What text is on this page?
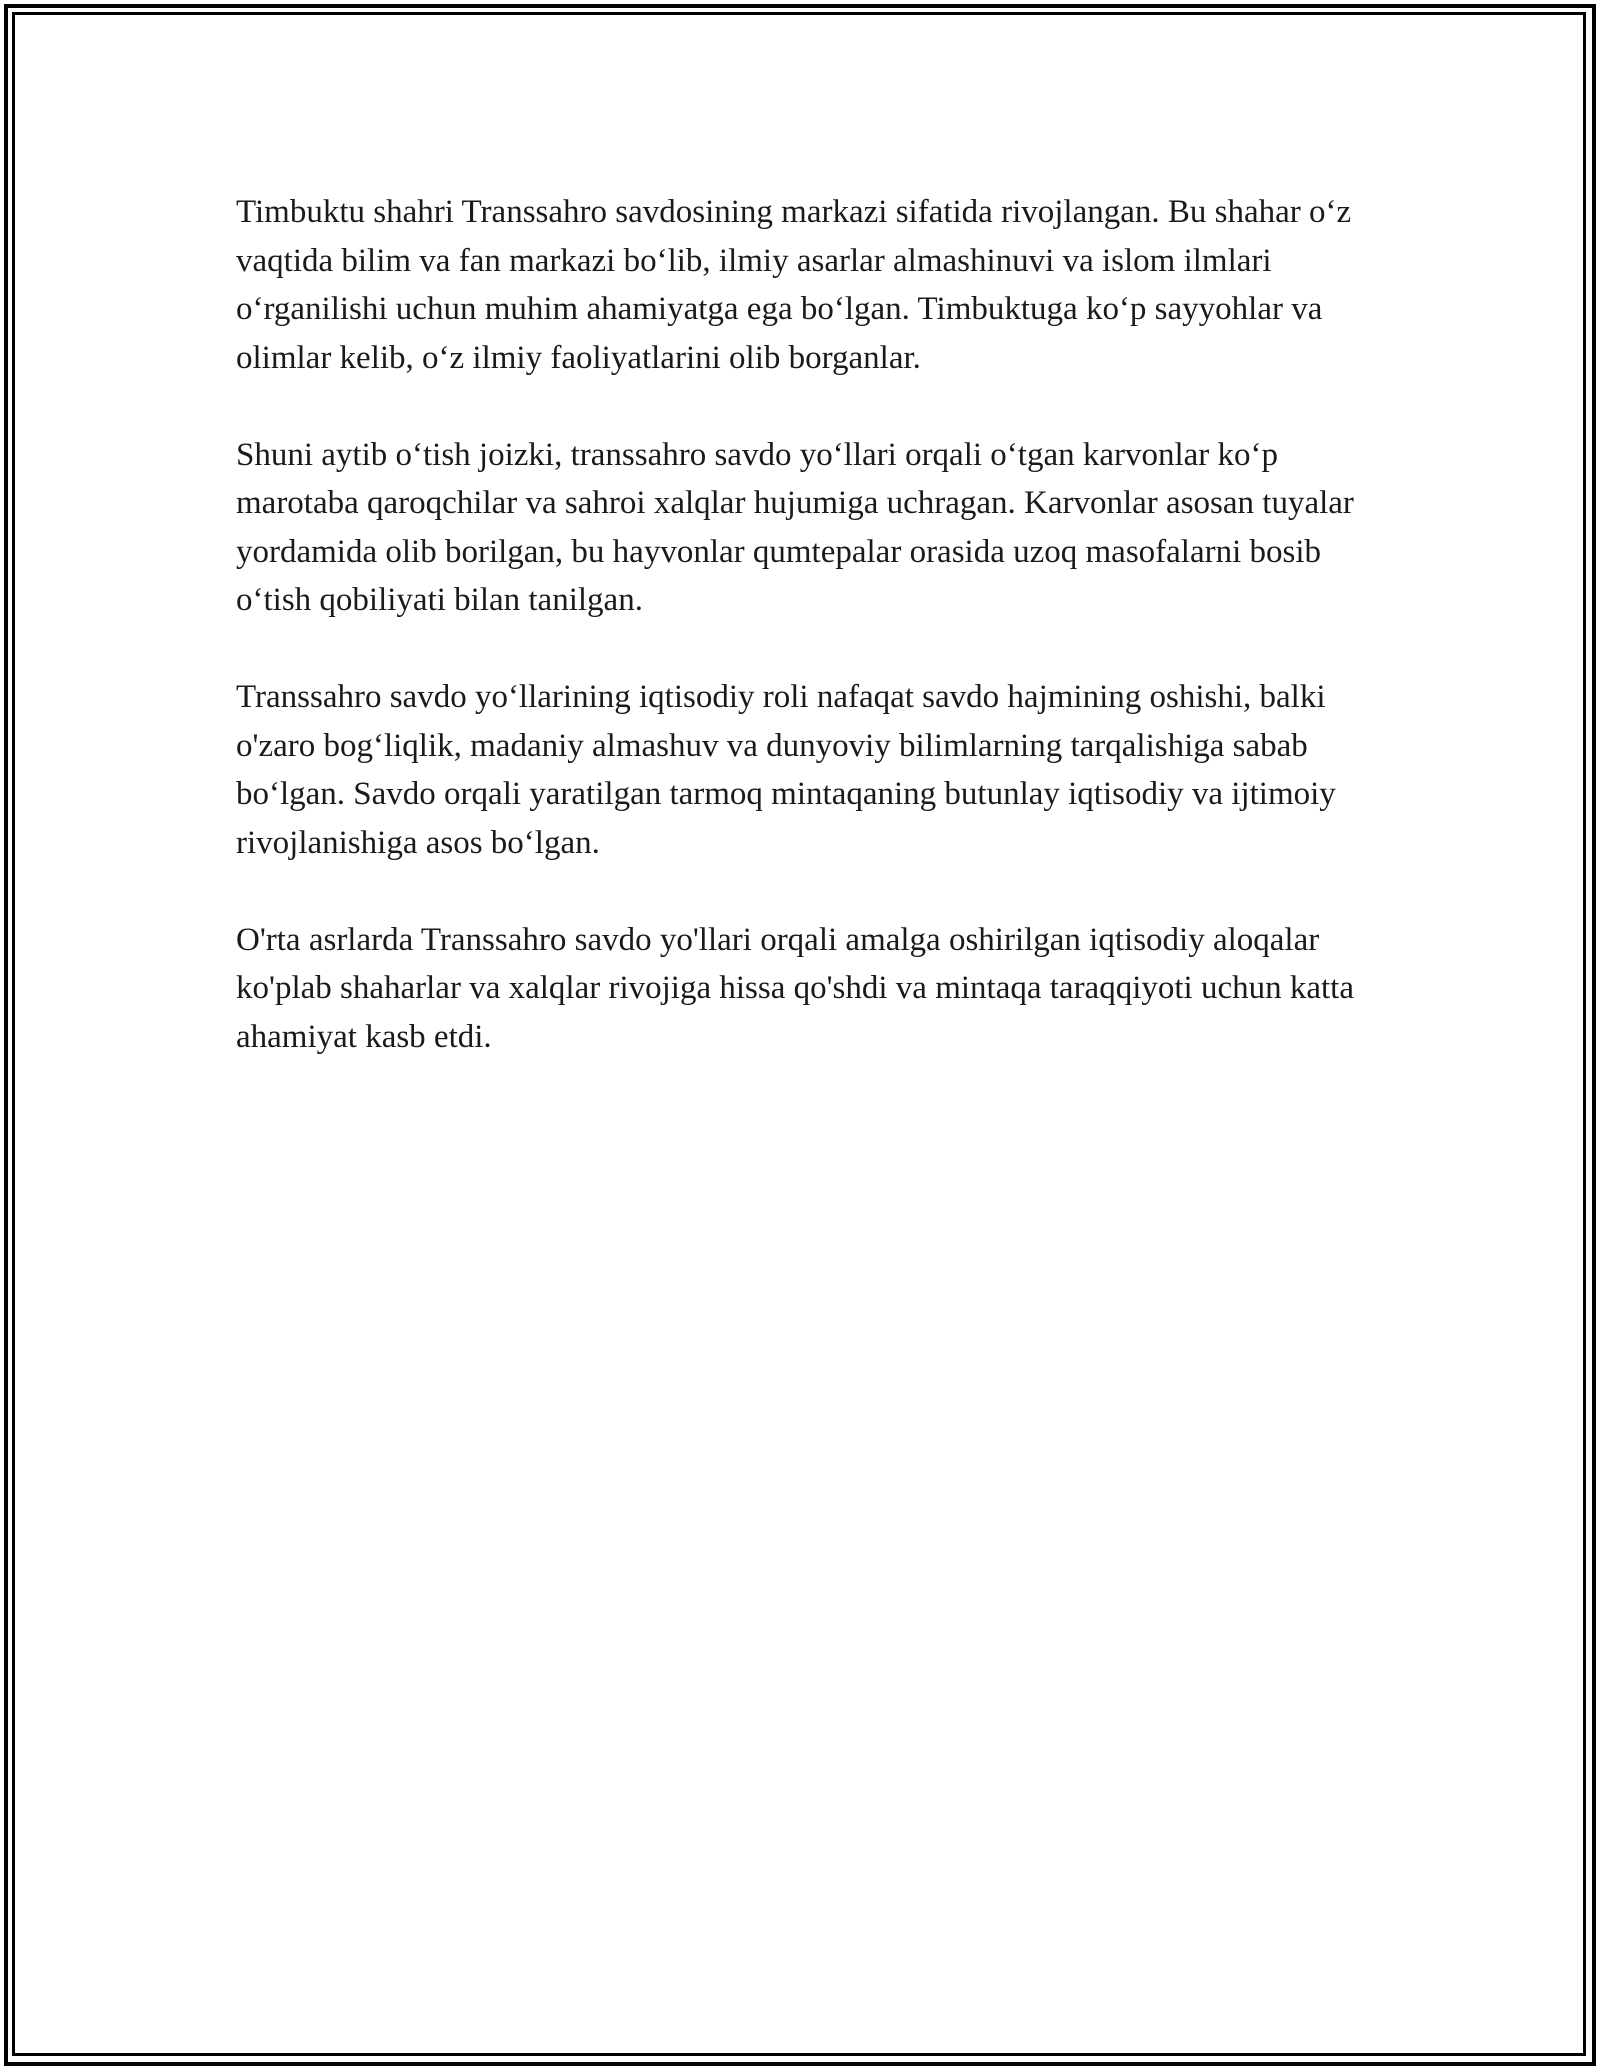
Timbuktu shahri Transsahro savdosining markazi sifatida rivojlangan. Bu shahar o‘z vaqtida bilim va fan markazi bo‘lib, ilmiy asarlar almashinuvi va islom ilmlari o‘rganilishi uchun muhim ahamiyatga ega bo‘lgan. Timbuktuga ko‘p sayyohlar va olimlar kelib, o‘z ilmiy faoliyatlarini olib borganlar.

Shuni aytib o‘tish joizki, transsahro savdo yo‘llari orqali o‘tgan karvonlar ko‘p marotaba qaroqchilar va sahroi xalqlar hujumiga uchragan. Karvonlar asosan tuyalar yordamida olib borilgan, bu hayvonlar qumtepalar orasida uzoq masofalarni bosib o‘tish qobiliyati bilan tanilgan.

Transsahro savdo yo‘llarining iqtisodiy roli nafaqat savdo hajmining oshishi, balki o'zaro bog‘liqlik, madaniy almashuv va dunyoviy bilimlarning tarqalishiga sabab bo‘lgan. Savdo orqali yaratilgan tarmoq mintaqaning butunlay iqtisodiy va ijtimoiy rivojlanishiga asos bo‘lgan.

O'rta asrlarda Transsahro savdo yo'llari orqali amalga oshirilgan iqtisodiy aloqalar ko'plab shaharlar va xalqlar rivojiga hissa qo'shdi va mintaqa taraqqiyoti uchun katta ahamiyat kasb etdi.
